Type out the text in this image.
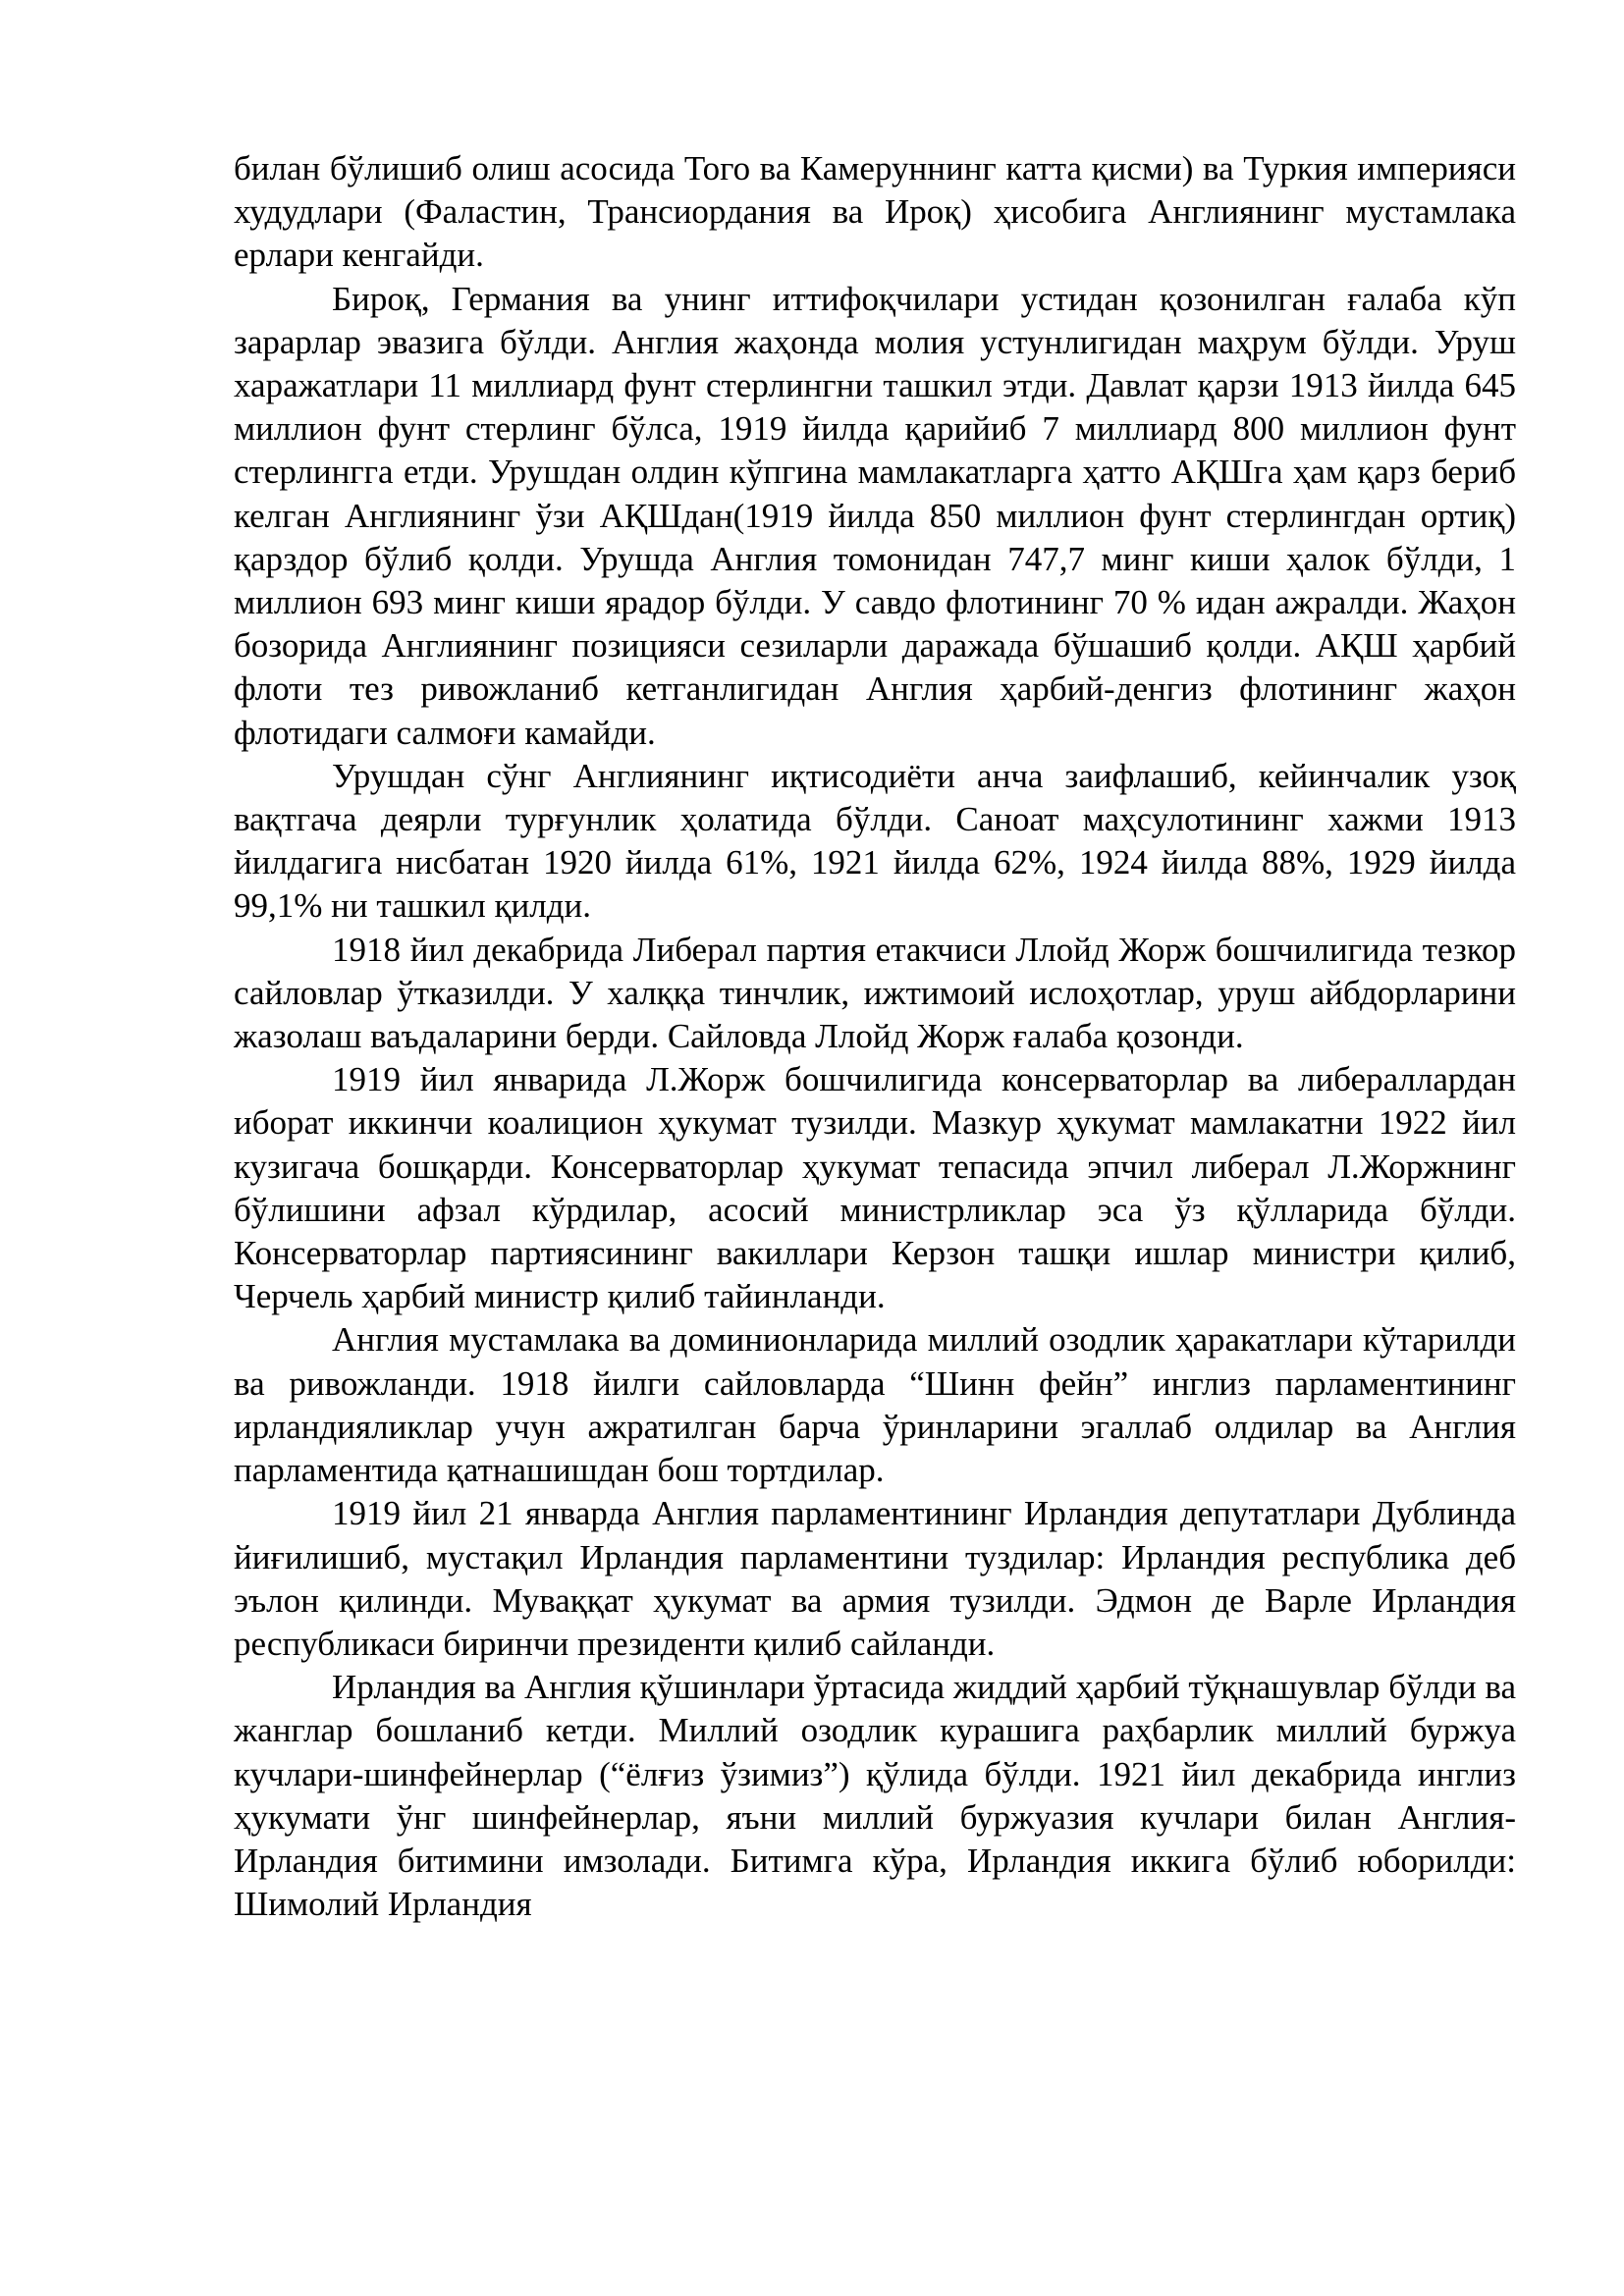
билан бўлишиб олиш асосида Того ва Камеруннинг катта қисми) ва Туркия империяси худудлари (Фаластин, Трансиордания ва Ироқ) ҳисобига Англиянинг мустамлака ерлари кенгайди.

Бироқ, Германия ва унинг иттифоқчилари устидан қозонилган ғалаба кўп зарарлар эвазига бўлди. Англия жаҳонда молия устунлигидан маҳрум бўлди. Уруш харажатлари 11 миллиард фунт стерлингни ташкил этди. Давлат қарзи 1913 йилда 645 миллион фунт стерлинг бўлса, 1919 йилда қарийиб 7 миллиард 800 миллион фунт стерлингга етди. Урушдан олдин кўпгина мамлакатларга ҳатто АҚШга ҳам қарз бериб келган Англиянинг ўзи АҚШдан(1919 йилда 850 миллион фунт стерлингдан ортиқ) қарздор бўлиб қолди. Урушда Англия томонидан 747,7 минг киши ҳалок бўлди, 1 миллион 693 минг киши ярадор бўлди. У савдо флотининг 70 % идан ажралди. Жаҳон бозорида Англиянинг позицияси сезиларли даражада бўшашиб қолди. АҚШ ҳарбий флоти тез ривожланиб кетганлигидан Англия ҳарбий-денгиз флотининг жаҳон флотидаги салмоғи камайди.

Урушдан сўнг Англиянинг иқтисодиёти анча заифлашиб, кейинчалик узоқ вақтгача деярли турғунлик ҳолатида бўлди. Саноат маҳсулотининг хажми 1913 йилдагига нисбатан 1920 йилда 61%, 1921 йилда 62%, 1924 йилда 88%, 1929 йилда 99,1% ни ташкил қилди.

1918 йил декабрида Либерал партия етакчиси Ллойд Жорж бошчилигида тезкор сайловлар ўтказилди. У халққа тинчлик, ижтимоий ислоҳотлар, уруш айбдорларини жазолаш ваъдаларини берди. Сайловда Ллойд Жорж ғалаба қозонди.

1919 йил январида Л.Жорж бошчилигида консерваторлар ва либераллардан иборат иккинчи коалицион ҳукумат тузилди. Мазкур ҳукумат мамлакатни 1922 йил кузигача бошқарди. Консерваторлар ҳукумат тепасида эпчил либерал Л.Жоржнинг бўлишини афзал кўрдилар, асосий министрликлар эса ўз қўлларида бўлди. Консерваторлар партиясининг вакиллари Керзон ташқи ишлар министри қилиб, Черчель ҳарбий министр қилиб тайинланди.

Англия мустамлака ва доминионларида миллий озодлик ҳаракатлари кўтарилди ва ривожланди. 1918 йилги сайловларда “Шинн фейн” инглиз парламентининг ирландияликлар учун ажратилган барча ўринларини эгаллаб олдилар ва Англия парламентида қатнашишдан бош тортдилар.

1919 йил 21 январда Англия парламентининг Ирландия депутатлари Дублинда йиғилишиб, мустақил Ирландия парламентини туздилар: Ирландия республика деб эълон қилинди. Муваққат ҳукумат ва армия тузилди. Эдмон де Варле Ирландия республикаси биринчи президенти қилиб сайланди.

Ирландия ва Англия қўшинлари ўртасида жиддий ҳарбий тўқнашувлар бўлди ва жанглар бошланиб кетди. Миллий озодлик курашига раҳбарлик миллий буржуа кучлари-шинфейнерлар (“ёлғиз ўзимиз”) қўлида бўлди. 1921 йил декабрида инглиз ҳукумати ўнг шинфейнерлар, яъни миллий буржуазия кучлари билан Англия-Ирландия битимини имзолади. Битимга кўра, Ирландия иккига бўлиб юборилди: Шимолий Ирландия
